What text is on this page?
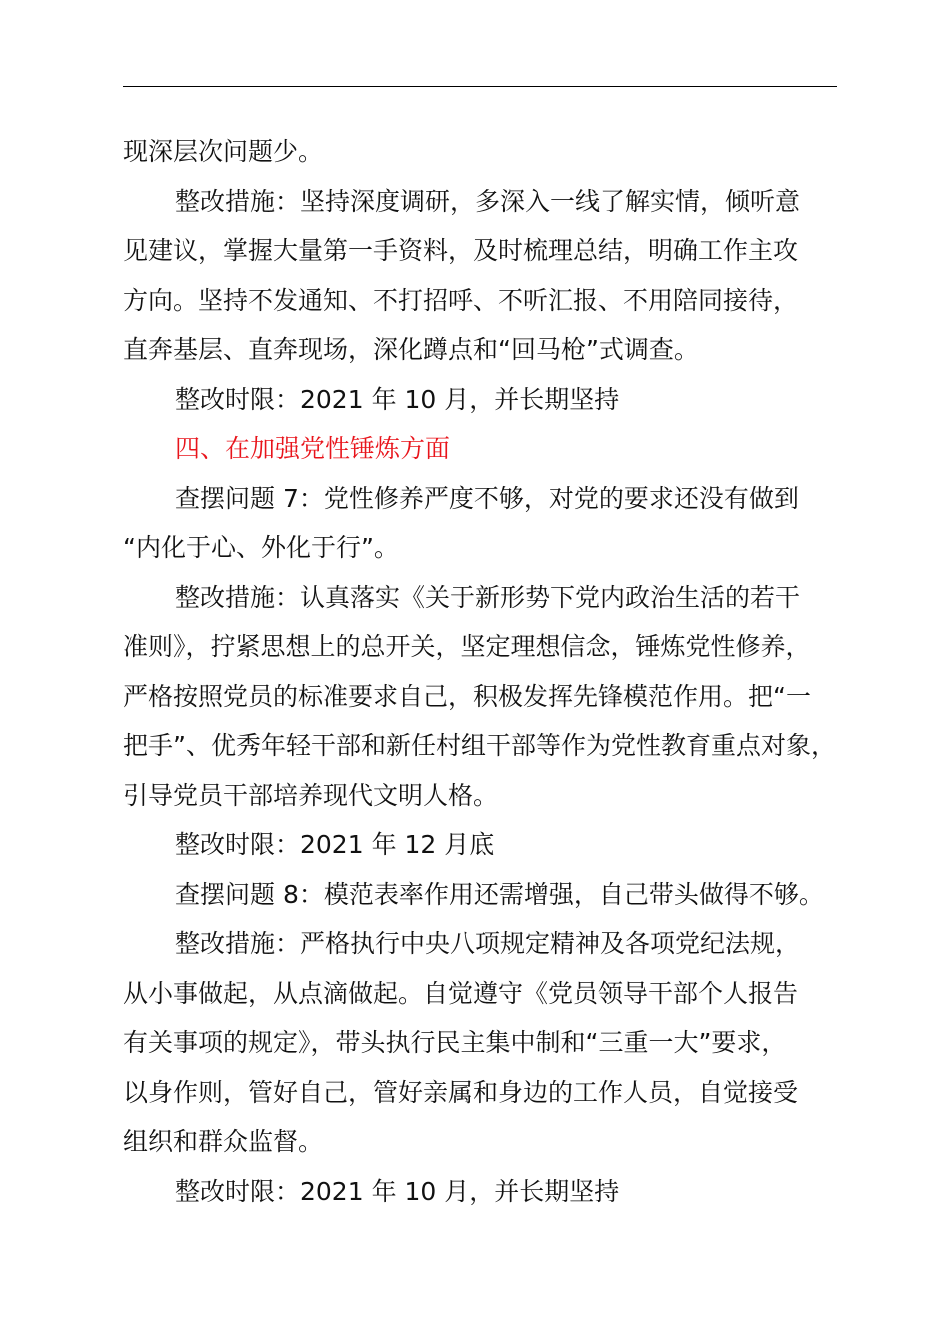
现深层次问题少。
整改措施：坚持深度调研，多深入一线了解实情，倾听意
见建议，掌握大量第一手资料，及时梳理总结，明确工作主攻
方向。坚持不发通知、不打招呼、不听汇报、不用陪同接待，
直奔基层、直奔现场，深化蹲点和“回马枪”式调查。
整改时限：2021 年 10 月，并长期坚持
四、在加强党性锤炼方面
查摆问题 7：党性修养严度不够，对党的要求还没有做到
“内化于心、外化于行”。
整改措施：认真落实《关于新形势下党内政治生活的若干
准则》，拧紧思想上的总开关，坚定理想信念，锤炼党性修养，
严格按照党员的标准要求自己，积极发挥先锋模范作用。把“一
把手”、优秀年轻干部和新任村组干部等作为党性教育重点对象，
引导党员干部培养现代文明人格。
整改时限：2021 年 12 月底
查摆问题 8：模范表率作用还需增强，自己带头做得不够。
整改措施：严格执行中央八项规定精神及各项党纪法规，
从小事做起，从点滴做起。自觉遵守《党员领导干部个人报告
有关事项的规定》，带头执行民主集中制和“三重一大”要求，
以身作则，管好自己，管好亲属和身边的工作人员，自觉接受
组织和群众监督。
整改时限：2021 年 10 月，并长期坚持
